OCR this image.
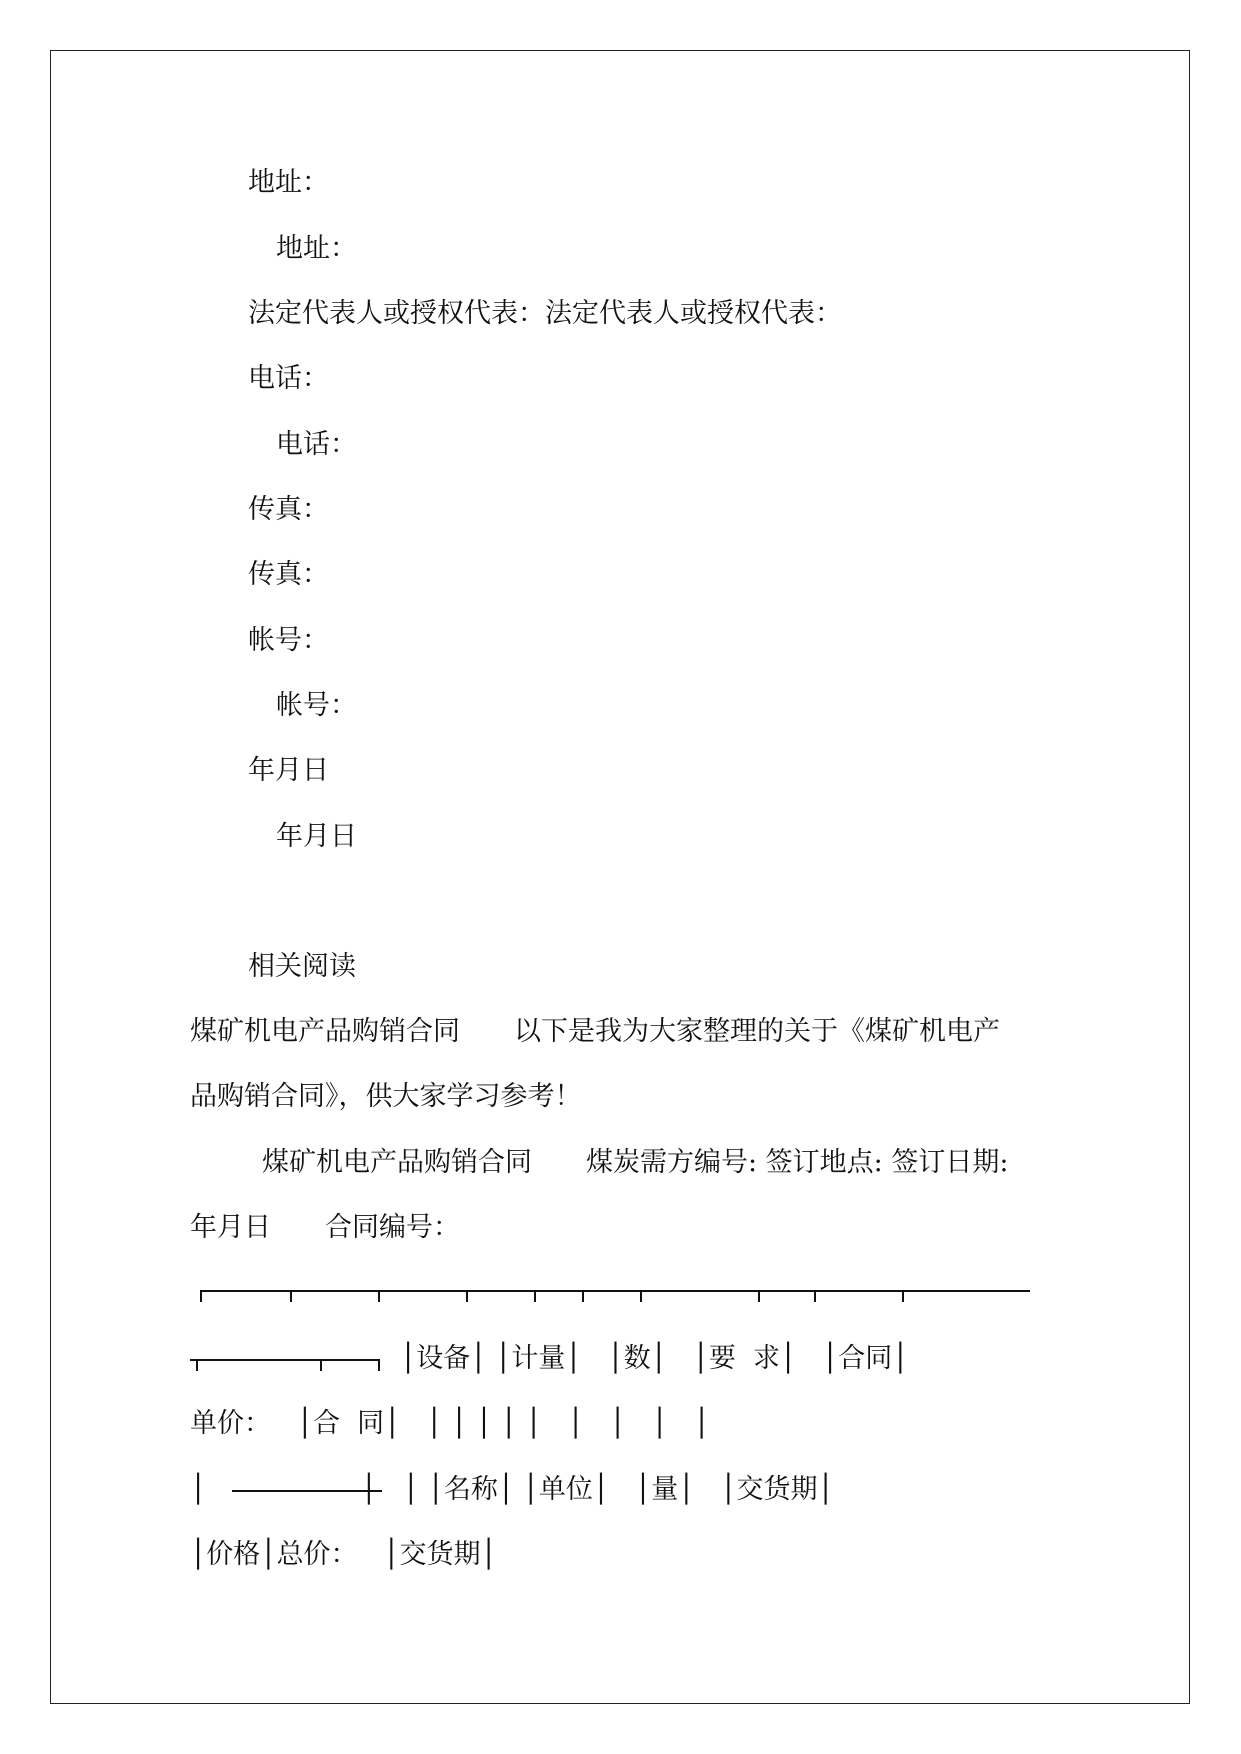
地址：
地址：
法定代表人或授权代表：法定代表人或授权代表：
电话：
电话：
传真：
传真：
帐号：
帐号：
年月日
年月日
相关阅读
煤矿机电产品购销合同　　以下是我为大家整理的关于《煤矿机电产
品购销合同》，供大家学习参考！
煤矿机电产品购销合同　　煤炭需方编号: 签订地点: 签订日期:
年月日　　合同编号：
│设备│ │计量│   │数│   │要  求│   │合同│
单价：   │合  同│   │ │ │ │ │   │   │   │   │
│                  │   │ │名称│ │单位│   │量│   │交货期│
│价格│总价：   │交货期│
